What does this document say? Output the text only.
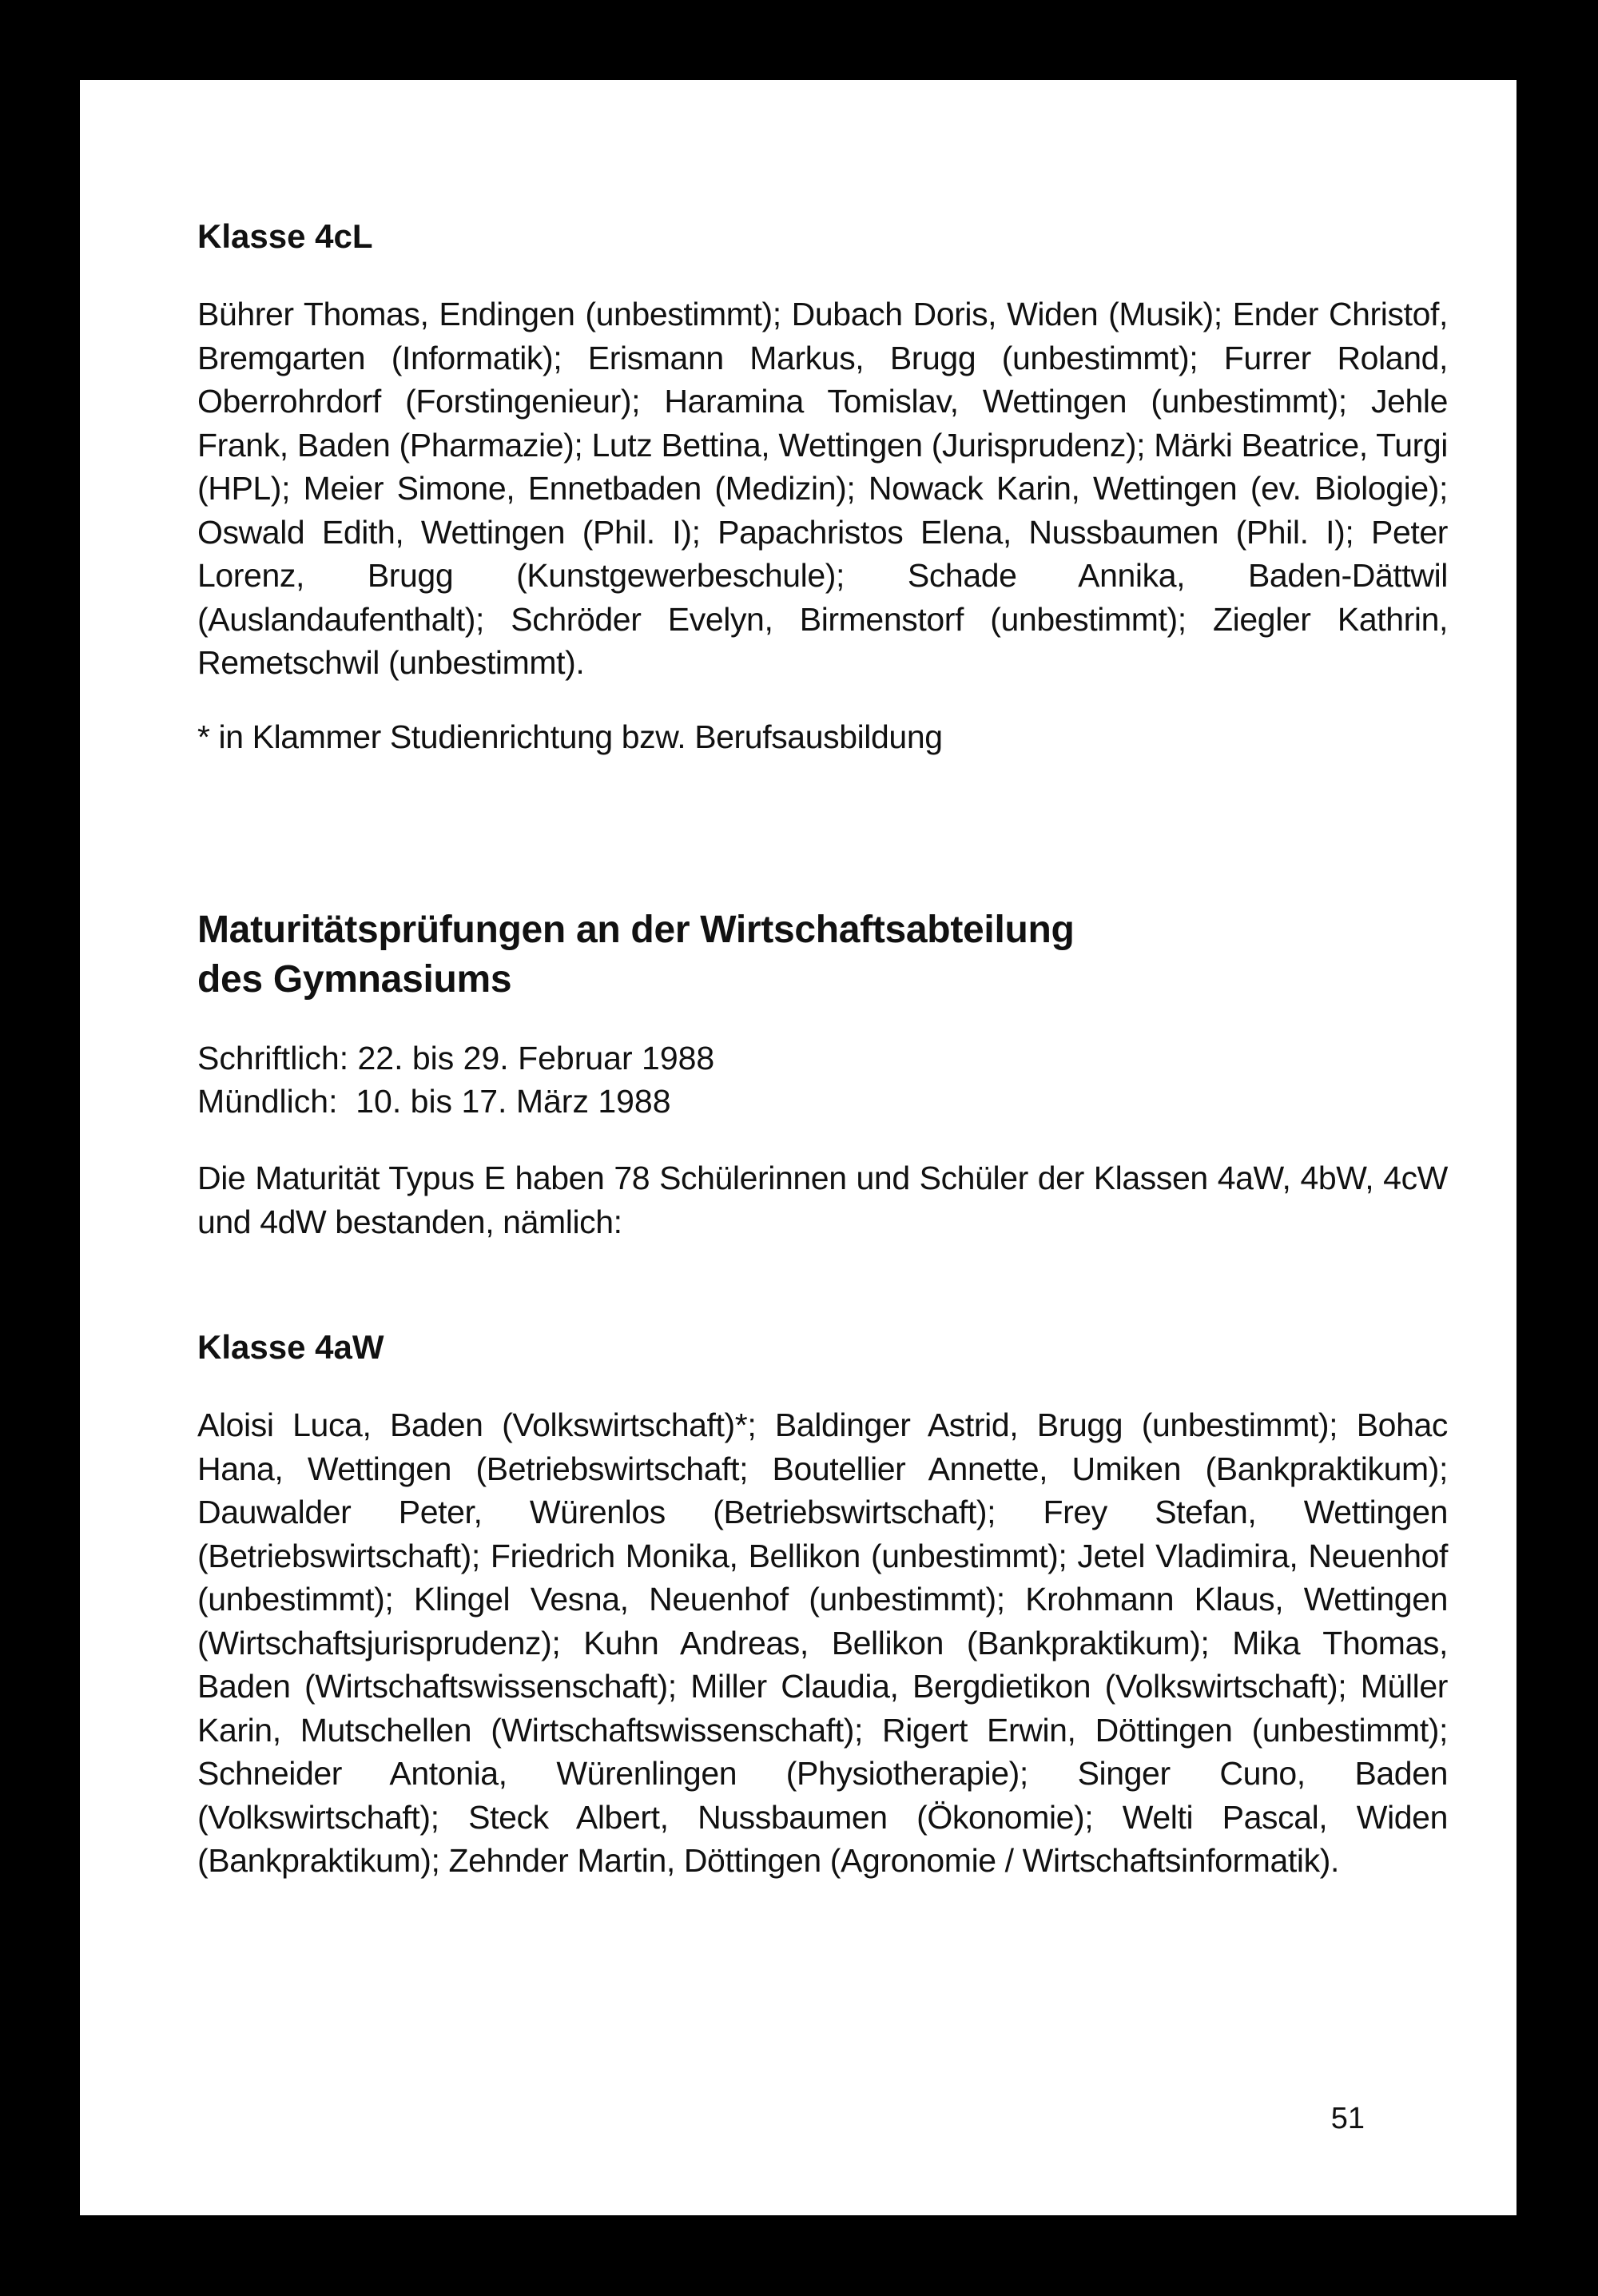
Klasse 4cL

Bührer Thomas, Endingen (unbestimmt); Dubach Doris, Widen (Musik); Ender Christof, Bremgarten (Informatik); Erismann Markus, Brugg (unbestimmt); Furrer Roland, Oberrohrdorf (Forstingenieur); Haramina Tomislav, Wettingen (unbestimmt); Jehle Frank, Baden (Pharmazie); Lutz Bettina, Wettingen (Jurisprudenz); Märki Beatrice, Turgi (HPL); Meier Simone, Ennetbaden (Medizin); Nowack Karin, Wettingen (ev. Biologie); Oswald Edith, Wettingen (Phil. I); Papachristos Elena, Nussbaumen (Phil. I); Peter Lorenz, Brugg (Kunstgewerbeschule); Schade Annika, Baden-Dättwil (Auslandaufenthalt); Schröder Evelyn, Birmenstorf (unbestimmt); Ziegler Kathrin, Remetschwil (unbestimmt).

* in Klammer Studienrichtung bzw. Berufsausbildung

Maturitätsprüfungen an der Wirtschaftsabteilung
des Gymnasiums

Schriftlich: 22. bis 29. Februar 1988

Mündlich:  10. bis 17. März 1988

Die Maturität Typus E haben 78 Schülerinnen und Schüler der Klassen 4aW, 4bW, 4cW und 4dW bestanden, nämlich:

Klasse 4aW

Aloisi Luca, Baden (Volkswirtschaft)*; Baldinger Astrid, Brugg (unbestimmt); Bohac Hana, Wettingen (Betriebswirtschaft; Boutellier Annette, Umiken (Bankpraktikum); Dauwalder Peter, Würenlos (Betriebswirtschaft); Frey Stefan, Wettingen (Betriebswirtschaft); Friedrich Monika, Bellikon (unbestimmt); Jetel Vladimira, Neuenhof (unbestimmt); Klingel Vesna, Neuenhof (unbestimmt); Krohmann Klaus, Wettingen (Wirtschaftsjurisprudenz); Kuhn Andreas, Bellikon (Bankpraktikum); Mika Thomas, Baden (Wirtschaftswissenschaft); Miller Claudia, Bergdietikon (Volkswirtschaft); Müller Karin, Mutschellen (Wirtschaftswissenschaft); Rigert Erwin, Döttingen (unbestimmt); Schneider Antonia, Würenlingen (Physiotherapie); Singer Cuno, Baden (Volkswirtschaft); Steck Albert, Nussbaumen (Ökonomie); Welti Pascal, Widen (Bankpraktikum); Zehnder Martin, Döttingen (Agronomie / Wirtschaftsinformatik).

51
